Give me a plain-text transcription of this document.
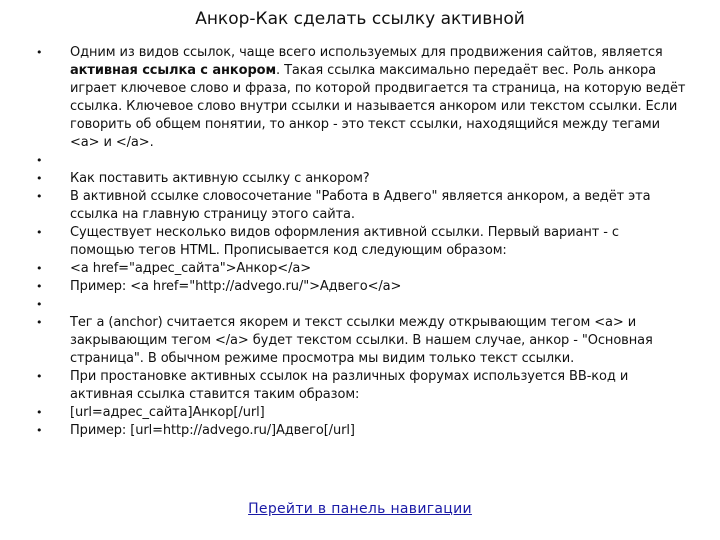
Анкор-Как сделать ссылку активной
• Одним из видов ссылок, чаще всего используемых для продвижения сайтов, является активная ссылка с анкором. Такая ссылка максимально передаёт вес. Роль анкора играет ключевое слово и фраза, по которой продвигается та страница, на которую ведёт ссылка. Ключевое слово внутри ссылки и называется анкором или текстом ссылки. Если говорить об общем понятии, то анкор - это текст ссылки, находящийся между тегами <a> и </a>.
•
• Как поставить активную ссылку с анкором?
• В активной ссылке словосочетание "Работа в Адвего" является анкором, а ведёт эта ссылка на главную страницу этого сайта.
• Существует несколько видов оформления активной ссылки. Первый вариант - с помощью тегов HTML. Прописывается код следующим образом:
• <a href="адрес_сайта">Анкор</a>
• Пример: <a href="http://advego.ru/">Адвего</a>
•
• Тег a (anchor) считается якорем и текст ссылки между открывающим тегом <a> и закрывающим тегом </a> будет текстом ссылки. В нашем случае, анкор - "Основная страница". В обычном режиме просмотра мы видим только текст ссылки.
• При простановке активных ссылок на различных форумах используется BB-код и активная ссылка ставится таким образом:
• [url=адрес_сайта]Анкор[/url]
• Пример: [url=http://advego.ru/]Адвего[/url]
Перейти в панель навигации
